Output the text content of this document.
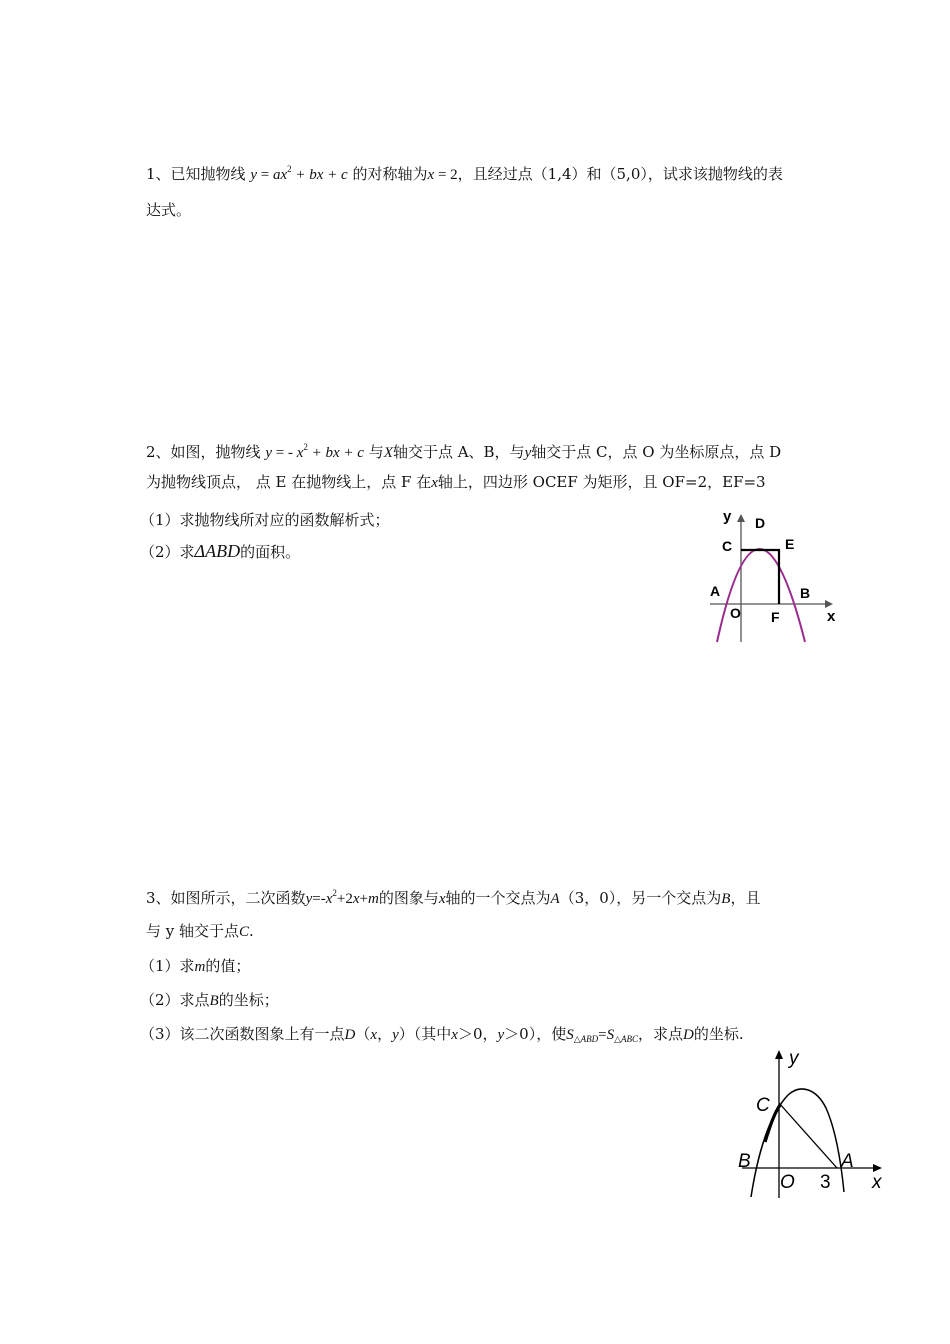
1、已知抛物线 $y = ax^2$ + bx + c 的对称轴为x = 2，且经过点（1,4）和（5,0），试求该抛物线的表
达式。
2、如图，抛物线 y = - $x^2$ + bx + c 与X轴交于点 A、B，与y轴交于点 C，点 O 为坐标原点，点 D
为抛物线顶点， 点 E 在抛物线上，点 F 在x轴上，四边形 OCEF 为矩形，且 OF=2，EF=3
（1）求抛物线所对应的函数解析式；
（2）求ΔABD的面积。
y D
C	E
A	B
O F	x
3、如图所示，二次函数$y=-x^2+2x+m$的图象与x轴的一个交点为A（3，0），另一个交点为B，且
与 y 轴交于点C.
（1）求m的值；
（2）求点B的坐标；
（3）该二次函数图象上有一点D（x，y）（其中x＞0，y＞0），使$S_{\triangle ABD}=S_{\triangle ABC}$，求点D的坐标.
y
C
B
O 3
A
x
